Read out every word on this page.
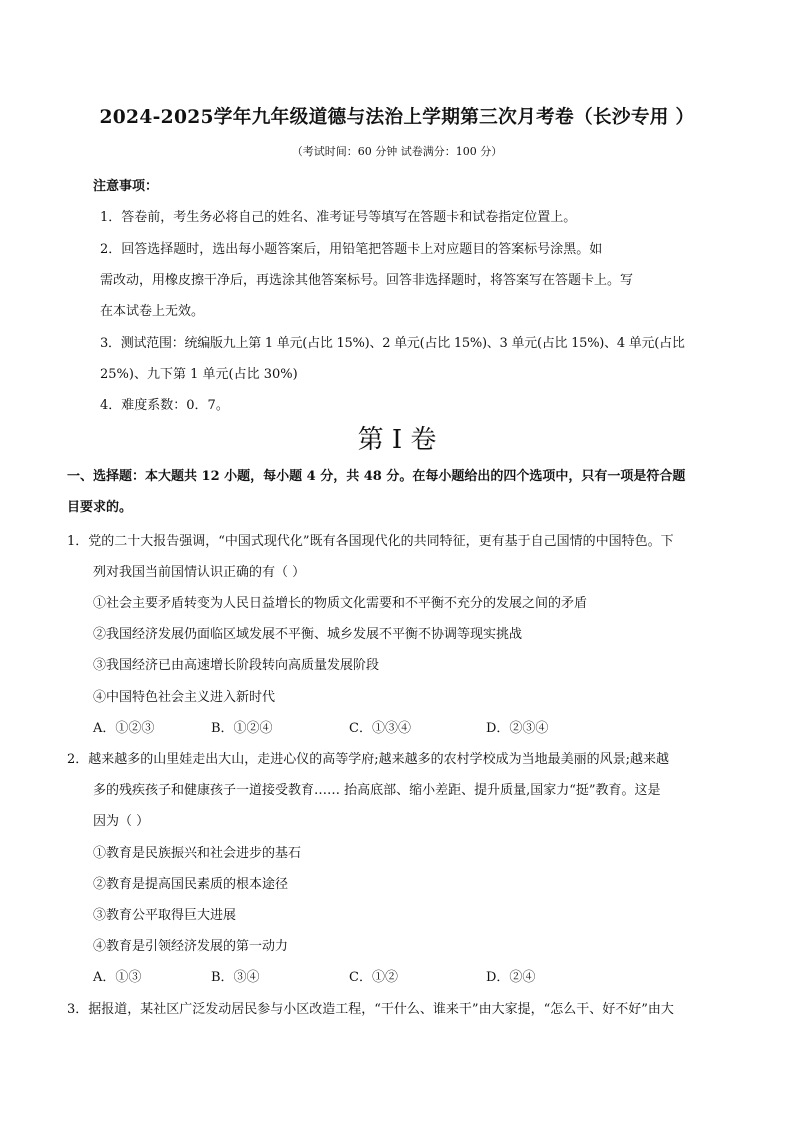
2024-2025学年九年级道德与法治上学期第三次月考卷（长沙专用 ）
（考试时间：60 分钟 试卷满分：100 分）
注意事项：
1．答卷前，考生务必将自己的姓名、准考证号等填写在答题卡和试卷指定位置上。
2．回答选择题时，选出每小题答案后，用铅笔把答题卡上对应题目的答案标号涂黑。如
需改动，用橡皮擦干净后，再选涂其他答案标号。回答非选择题时，将答案写在答题卡上。写
在本试卷上无效。
3．测试范围：统编版九上第 1 单元(占比 15%)、2 单元(占比 15%)、3 单元(占比 15%)、4 单元(占比
25%)、九下第 1 单元(占比 30%)
4．难度系数：0．7。
第 I 卷
一、选择题：本大题共 12 小题，每小题 4 分，共 48 分。在每小题给出的四个选项中，只有一项是符合题
目要求的。
1．党的二十大报告强调，“中国式现代化”既有各国现代化的共同特征，更有基于自己国情的中国特色。下
列对我国当前国情认识正确的有（ ）
①社会主要矛盾转变为人民日益增长的物质文化需要和不平衡不充分的发展之间的矛盾
②我国经济发展仍面临区域发展不平衡、城乡发展不平衡不协调等现实挑战
③我国经济已由高速增长阶段转向高质量发展阶段
④中国特色社会主义进入新时代
A．①②③	B．①②④	C．①③④	D．②③④
2．越来越多的山里娃走出大山，走进心仪的高等学府;越来越多的农村学校成为当地最美丽的风景;越来越
多的残疾孩子和健康孩子一道接受教育…… 抬高底部、缩小差距、提升质量,国家力“挺”教育。这是
因为（ ）
①教育是民族振兴和社会进步的基石
②教育是提高国民素质的根本途径
③教育公平取得巨大进展
④教育是引领经济发展的第一动力
A．①③	B．③④	C．①②	D．②④
3．据报道，某社区广泛发动居民参与小区改造工程，“干什么、谁来干”由大家提，“怎么干、好不好”由大
